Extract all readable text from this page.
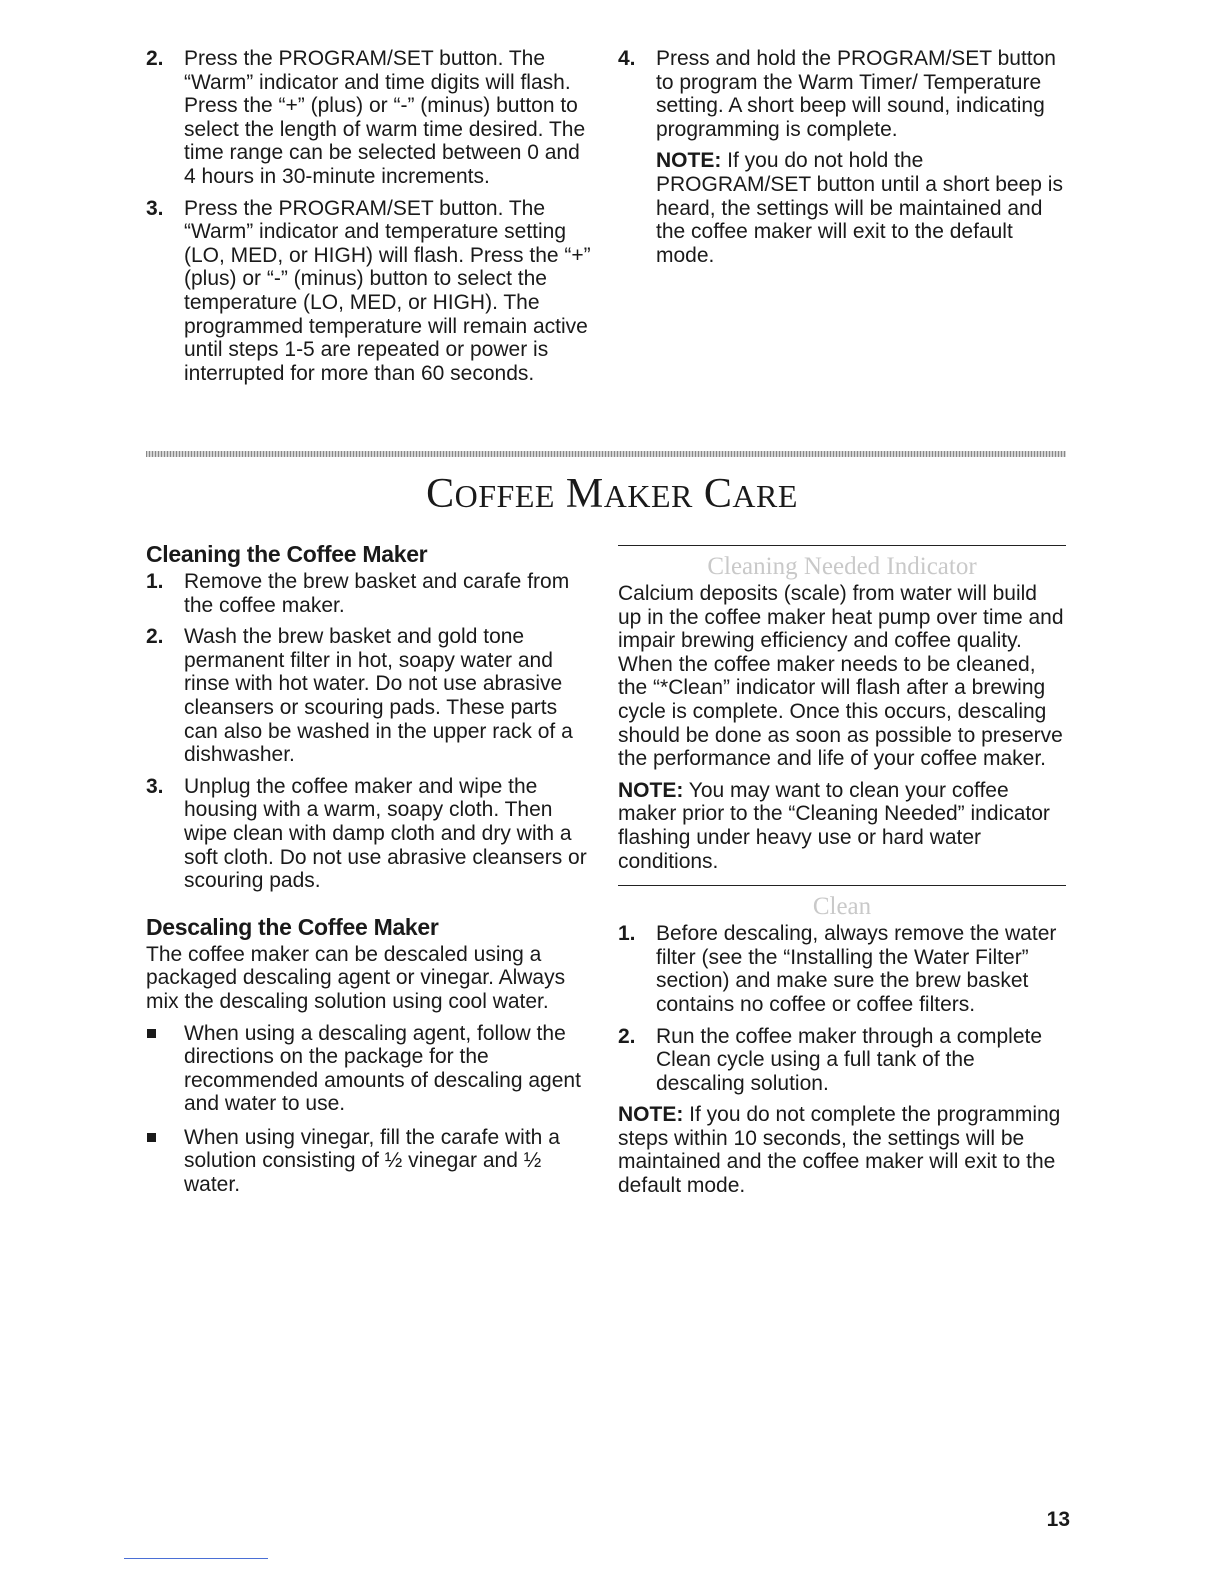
2. Press the PROGRAM/SET button. The “Warm” indicator and time digits will flash. Press the “+” (plus) or “-” (minus) button to select the length of warm time desired. The time range can be selected between 0 and 4 hours in 30-minute increments.
3. Press the PROGRAM/SET button. The “Warm” indicator and temperature setting (LO, MED, or HIGH) will flash. Press the “+” (plus) or “-” (minus) button to select the temperature (LO, MED, or HIGH). The programmed temperature will remain active until steps 1-5 are repeated or power is interrupted for more than 60 seconds.
4. Press and hold the PROGRAM/SET button to program the Warm Timer/ Temperature setting. A short beep will sound, indicating programming is complete.
NOTE: If you do not hold the PROGRAM/SET button until a short beep is heard, the settings will be maintained and the coffee maker will exit to the default mode.
COFFEE MAKER CARE
Cleaning the Coffee Maker
1. Remove the brew basket and carafe from the coffee maker.
2. Wash the brew basket and gold tone permanent filter in hot, soapy water and rinse with hot water. Do not use abrasive cleansers or scouring pads. These parts can also be washed in the upper rack of a dishwasher.
3. Unplug the coffee maker and wipe the housing with a warm, soapy cloth. Then wipe clean with damp cloth and dry with a soft cloth. Do not use abrasive cleansers or scouring pads.
Descaling the Coffee Maker
The coffee maker can be descaled using a packaged descaling agent or vinegar. Always mix the descaling solution using cool water.
When using a descaling agent, follow the directions on the package for the recommended amounts of descaling agent and water to use.
When using vinegar, fill the carafe with a solution consisting of ½ vinegar and ½ water.
Cleaning Needed Indicator
Calcium deposits (scale) from water will build up in the coffee maker heat pump over time and impair brewing efficiency and coffee quality. When the coffee maker needs to be cleaned, the “*Clean” indicator will flash after a brewing cycle is complete. Once this occurs, descaling should be done as soon as possible to preserve the performance and life of your coffee maker.
NOTE: You may want to clean your coffee maker prior to the “Cleaning Needed” indicator flashing under heavy use or hard water conditions.
Clean
1. Before descaling, always remove the water filter (see the “Installing the Water Filter” section) and make sure the brew basket contains no coffee or coffee filters.
2. Run the coffee maker through a complete Clean cycle using a full tank of the descaling solution.
NOTE: If you do not complete the programming steps within 10 seconds, the settings will be maintained and the coffee maker will exit to the default mode.
13
